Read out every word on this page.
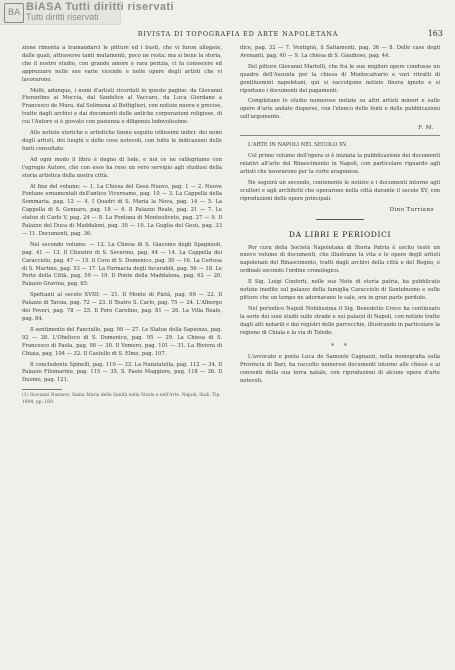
BA BiASA Tutti diritti riservati
Tutti diritti riservati
RIVISTA DI TOPOGRAFIA ED ARTE NAPOLETANA	163

zione rimonta a tramandarci le pitture ed i busti, che vi furon allogate, dalle quali, attraverso tanti mutamenti, poco ne resta; ma sì bene la storia, che il nostro studio, con grande amore e rara perizia, ci fa conoscere ed apprezzare nelle sue varie vicende e nelle opere degli artisti che vi lavorarono.

Molti, adunque, i nomi d'artisti ricordati in queste pagine: da Giovanni Fiorentino ai Moccia, dal Sanfelice al Vaccaro, da Luca Giordano a Francesco de Mura, dal Solimena al Bottiglieri, con notizie nuove e precise, tratte dagli archivi e dai documenti delle antiche corporazioni religiose, di cui l'Autore si è giovato con pazienza e diligenza lodevolissime.

Alle notizie storiche e artistiche fanno seguito utilissimi indici: dei nomi degli artisti, dei luoghi e delle cose notevoli, con tutte le indicazioni delle fonti consultate.

Ad ogni modo il libro è degno di lode, e noi ce ne rallegriamo con l'egregio Autore, che con esso ha reso un vero servigio agli studiosi della storia artistica della nostra città.

Al fine del volume: — 1. La Chiesa del Gesù Nuovo, pag. 1 — 2. Nuove Fontane ornamentali dell'antico Vicereame, pag. 10 — 3. La Cappella della Sommaria, pag. 12 — 4. I Quadri di S. Maria la Nova, pag. 14 — 5. La Cappella di S. Gennaro, pag. 18 — 6. Il Palazzo Reale, pag. 21 — 7. Le statue di Carlo V, pag. 24 — 8. La Fontana di Monteoliveto, pag. 27 — 9. Il Palazzo del Duca di Maddaloni, pag. 30 — 10. La Guglia del Gesù, pag. 33 — 11. Documenti, pag. 36.

Nel secondo volume: — 12. La Chiesa di S. Giacomo degli Spagnuoli, pag. 41 — 13. Il Chiostro di S. Severino, pag. 44 — 14. La Cappella dei Caracciolo, pag. 47 — 15. Il Coro di S. Domenico, pag. 50 — 16. La Certosa di S. Martino, pag. 53 — 17. La Farmacia degli Incurabili, pag. 56 — 18. Le Porte della Città, pag. 59 — 19. Il Ponte della Maddalena, pag. 62 — 20. Palazzo Gravina, pag. 65.

Spettanti al secolo XVIII: — 21. Il Monte di Pietà, pag. 69 — 22. Il Palazzo di Tarsia, pag. 72 — 23. Il Teatro S. Carlo, pag. 75 — 24. L'Albergo dei Poveri, pag. 78 — 25. Il Foro Carolino, pag. 81 — 26. La Villa Reale, pag. 84.

Il sentimento del Fanciullo, pag. 90 — 27. Le Statue della Sapienza, pag. 92 — 28. L'Obelisco di S. Domenico, pag. 95 — 29. La Chiesa di S. Francesco di Paola, pag. 98 — 30. Il Vomero, pag. 101 — 31. La Riviera di Chiaia, pag. 104 — 32. Il Castello di S. Elmo, pag. 107.

Il concludente Spinelli, pag. 110 — 33. La Nunziatella, pag. 112 — 34. Il Palazzo Filomarino, pag. 115 — 35. S. Paolo Maggiore, pag. 118 — 36. Il Duomo, pag. 121.

(1) Giovanni Nazzaro, Santa Maria della Sanità nella Storia e nell'Arte. Napoli, Stab. Tip. 1904, pp. 180.

dice, pag. 32 — 7. Ventignò, il Saltamenti, pag. 36 — 8. Delle case degli Avenanti, pag. 40 — 9. La chiesa di S. Gaudioso, pag. 44.

Del pittore Giovanni Martelli, che fra le sue migliori opere condusse un quadro dell'Assunta per la chiesa di Montecalvario e vari ritratti di gentiluomini napoletani, qui si raccolgono notizie finora ignote e si riportano i documenti dei pagamenti.

Completano lo studio numerose notizie su altri artisti minori e sulle opere d'arte andate disperse, con l'elenco delle fonti e delle pubblicazioni sull'argomento.

F. M.

L'ARTE IN NAPOLI NEL SECOLO XV.

Col primo volume dell'opera si è iniziata la pubblicazione dei documenti relativi all'arte del Rinascimento in Napoli, con particolare riguardo agli artisti che lavorarono per la corte aragonese.

Ne seguirà un secondo, contenente le notizie e i documenti intorno agli scultori e agli architetti che operarono nella città durante il secolo XV, con riproduzioni delle opere principali.

Dino Turriano
DA LIBRI E PERIODICI

Per cura della Società Napoletana di Storia Patria è uscito testè un nuovo volume di documenti, che illustrano la vita e le opere degli artisti napoletani del Rinascimento, tratti dagli archivi della città e del Regno, e ordinati secondo l'ordine cronologico.

Il Sig. Luigi Conforti, nelle sue Note di storia patria, ha pubblicato notizie inedite sul palazzo della famiglia Caracciolo di Santobuono e sulle pitture che un tempo ne adornavano le sale, ora in gran parte perdute.

Nel periodico Napoli Nobilissima il Sig. Benedetto Croce ha continuato la serie dei suoi studii sulle strade e sui palazzi di Napoli, con notizie tratte dagli atti notarili e dai registri delle parrocchie, illustrando in particolare la regione di Chiaia e la via di Toledo.

*  *

L'avvocato e poeta Luca de Samuele Cagnazzi, nella monografia sulla Provincia di Bari, ha raccolto numerosi documenti intorno alle chiese e ai conventi della sua terra natale, con riproduzioni di alcune opere d'arte notevoli.
